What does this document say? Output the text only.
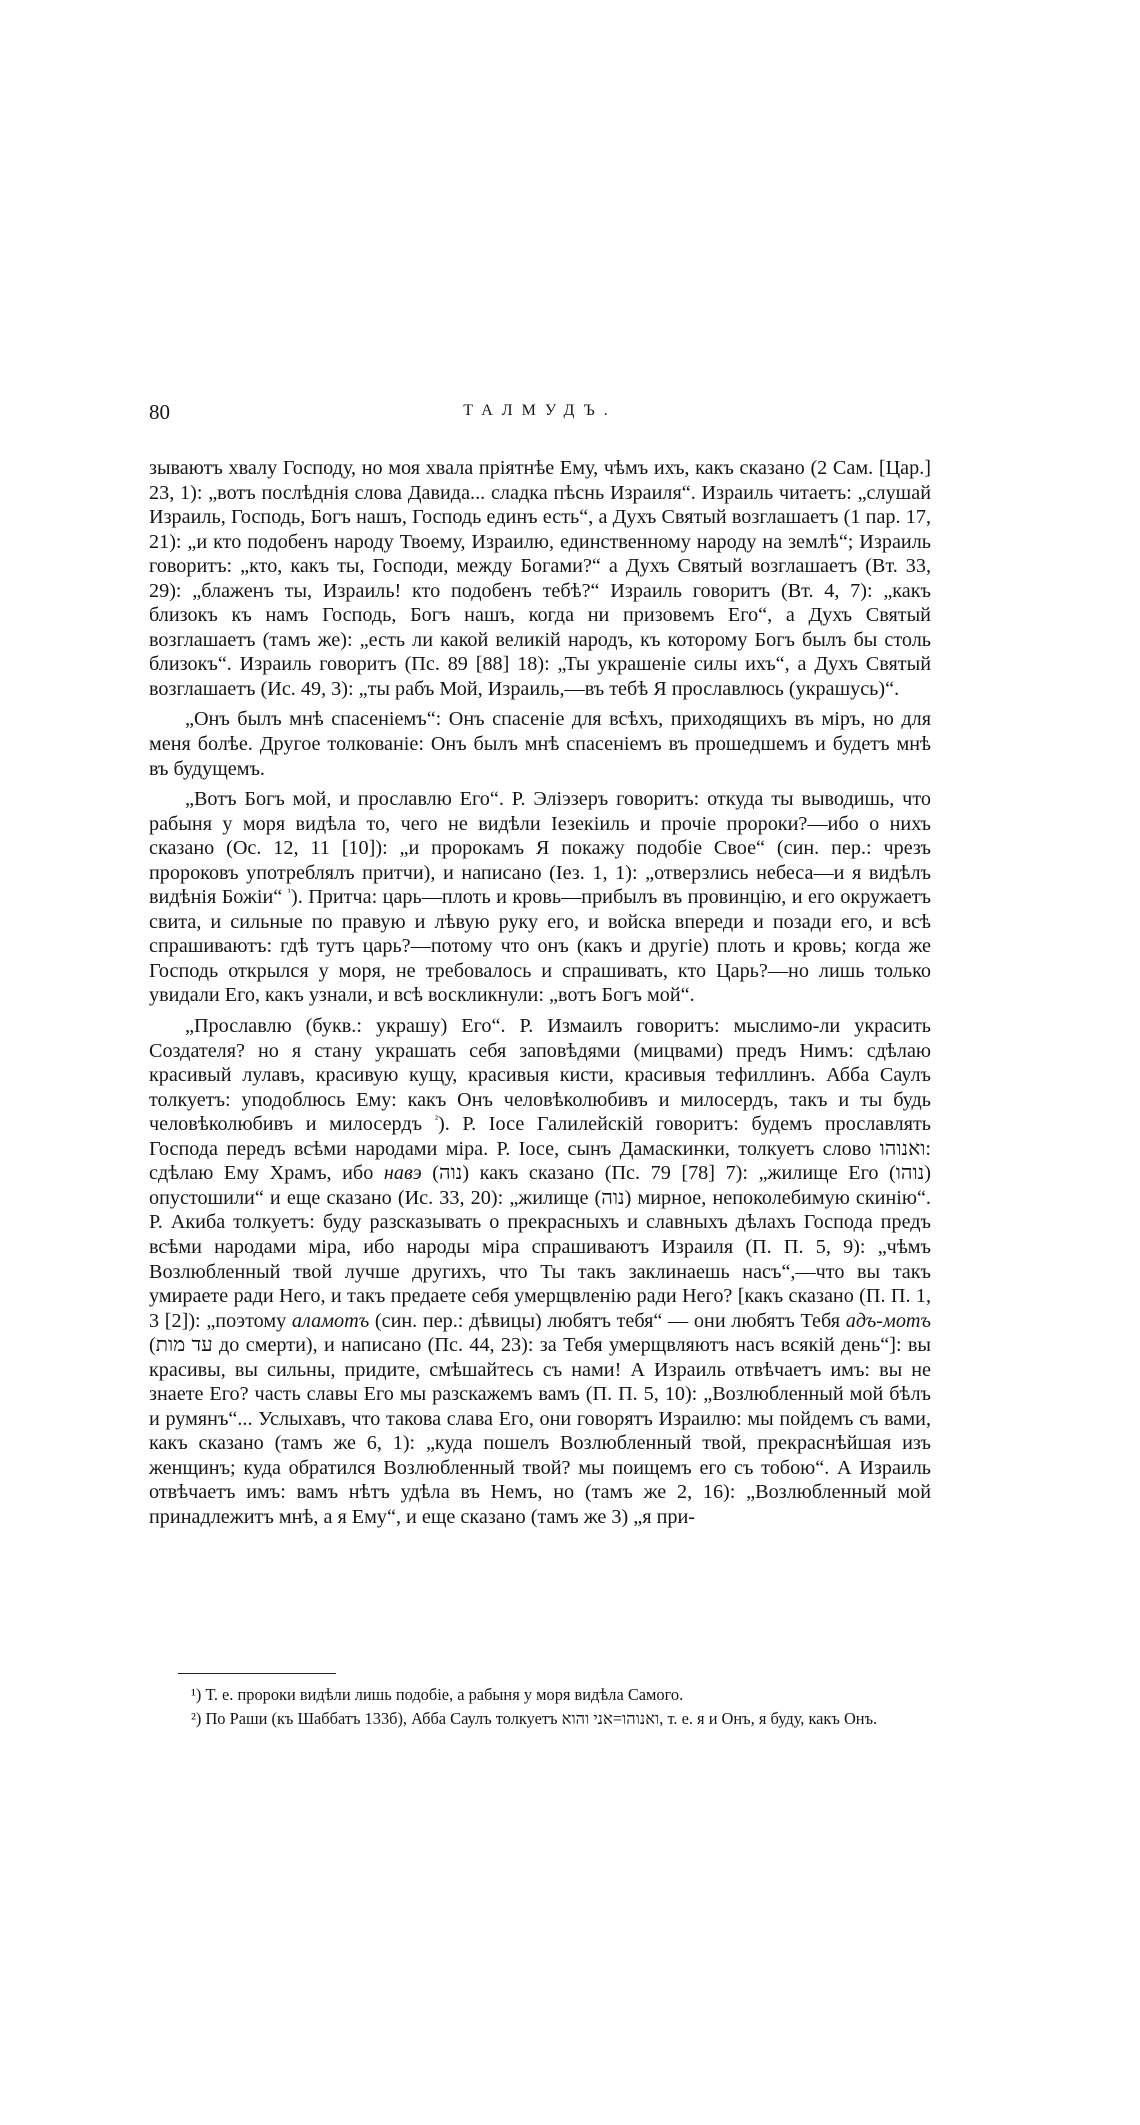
80	ТАЛМУДЪ.

зываютъ хвалу Господу, но моя хвала пріятнѣе Ему, чѣмъ ихъ, какъ сказано (2 Сам. [Цар.] 23, 1): „вотъ послѣднія слова Давида... сладка пѣснь Израиля“. Израиль читаетъ: „слушай Израиль, Господь, Богъ нашъ, Господь единъ есть“, а Духъ Святый возглашаетъ (1 пар. 17, 21): „и кто подобенъ народу Твоему, Израилю, единственному народу на землѣ“; Израиль говоритъ: „кто, какъ ты, Господи, между Богами?“ а Духъ Святый возглашаетъ (Вт. 33, 29): „блаженъ ты, Израиль! кто подобенъ тебѣ?“ Израиль говоритъ (Вт. 4, 7): „какъ близокъ къ намъ Господь, Богъ нашъ, когда ни призовемъ Его“, а Духъ Святый возглашаетъ (тамъ же): „есть ли какой великій народъ, къ которому Богъ былъ бы столь близокъ“. Израиль говоритъ (Пс. 89 [88] 18): „Ты украшеніе силы ихъ“, а Духъ Святый возглашаетъ (Ис. 49, 3): „ты рабъ Мой, Израиль,—въ тебѣ Я прославлюсь (украшусь)“.

„Онъ былъ мнѣ спасеніемъ“: Онъ спасеніе для всѣхъ, приходящихъ въ міръ, но для меня болѣе. Другое толкованіе: Онъ былъ мнѣ спасеніемъ въ прошедшемъ и будетъ мнѣ въ будущемъ.

„Вотъ Богъ мой, и прославлю Его“. Р. Элiэзеръ говоритъ: откуда ты выводишь, что рабыня у моря видѣла то, чего не видѣли Іезекіиль и прочіе пророки?—ибо о нихъ сказано (Ос. 12, 11 [10]): „и пророкамъ Я покажу подобіе Свое“ (син. пер.: чрезъ пророковъ употреблялъ притчи), и написано (Іез. 1, 1): „отверзлись небеса—и я видѣлъ видѣнія Божіи“ $^{^1}$). Притча: царь—плоть и кровь—прибылъ въ провинцію, и его окружаетъ свита, и сильные по правую и лѣвую руку его, и войска впереди и позади его, и всѣ спрашиваютъ: гдѣ тутъ царь?—потому что онъ (какъ и другіе) плоть и кровь; когда же Господь открылся у моря, не требовалось и спрашивать, кто Царь?—но лишь только увидали Его, какъ узнали, и всѣ воскликнули: „вотъ Богъ мой“.

„Прославлю (букв.: украшу) Его“. Р. Измаилъ говоритъ: мыслимо-ли украсить Создателя? но я стану украшать себя заповѣдями (мицвами) предъ Нимъ: сдѣлаю красивый лулавъ, красивую кущу, красивыя кисти, красивыя тефиллинъ. Абба Саулъ толкуетъ: уподоблюсь Ему: какъ Онъ человѣколюбивъ и милосердъ, такъ и ты будь человѣколюбивъ и милосердъ $^{^2}$). Р. Іосе Галилейскій говоритъ: будемъ прославлять Господа передъ всѣми народами міра. Р. Іосе, сынъ Дамаскинки, толкуетъ слово ואנוהו: сдѣлаю Ему Храмъ, ибо навэ (נוה) какъ сказано (Пс. 79 [78] 7): „жилище Его (נוהו) опустошили“ и еще сказано (Ис. 33, 20): „жилище (נוה) мирное, непоколебимую скинію“. Р. Акиба толкуетъ: буду разсказывать о прекрасныхъ и славныхъ дѣлахъ Господа предъ всѣми народами міра, ибо народы міра спрашиваютъ Израиля (П. П. 5, 9): „чѣмъ Возлюбленный твой лучше другихъ, что Ты такъ заклинаешь насъ“,—что вы такъ умираете ради Него, и такъ предаете себя умерщвленію ради Него? [какъ сказано (П. П. 1, 3 [2]): „поэтому аламотъ (син. пер.: дѣвицы) любятъ тебя“ — они любятъ Тебя адъ-мотъ (עד מות до смерти), и написано (Пс. 44, 23): за Тебя умерщвляютъ насъ всякій день“]: вы красивы, вы сильны, придите, смѣшайтесь съ нами! А Израиль отвѣчаетъ имъ: вы не знаете Его? часть славы Его мы разскажемъ вамъ (П. П. 5, 10): „Возлюбленный мой бѣлъ и румянъ“... Услыхавъ, что такова слава Его, они говорятъ Израилю: мы пойдемъ съ вами, какъ сказано (тамъ же 6, 1): „куда пошелъ Возлюбленный твой, прекраснѣйшая изъ женщинъ; куда обратился Возлюбленный твой? мы поищемъ его съ тобою“. А Израиль отвѣчаетъ имъ: вамъ нѣтъ удѣла въ Немъ, но (тамъ же 2, 16): „Возлюбленный мой принадлежитъ мнѣ, а я Ему“, и еще сказано (тамъ же 3) „я при-

¹) Т. е. пророки видѣли лишь подобіе, а рабыня у моря видѣла Самого.

²) По Раши (къ Шаббатъ 133б), Абба Саулъ толкуетъ ואנוהו=אני והוא, т. е. я и Онъ, я буду, какъ Онъ.
